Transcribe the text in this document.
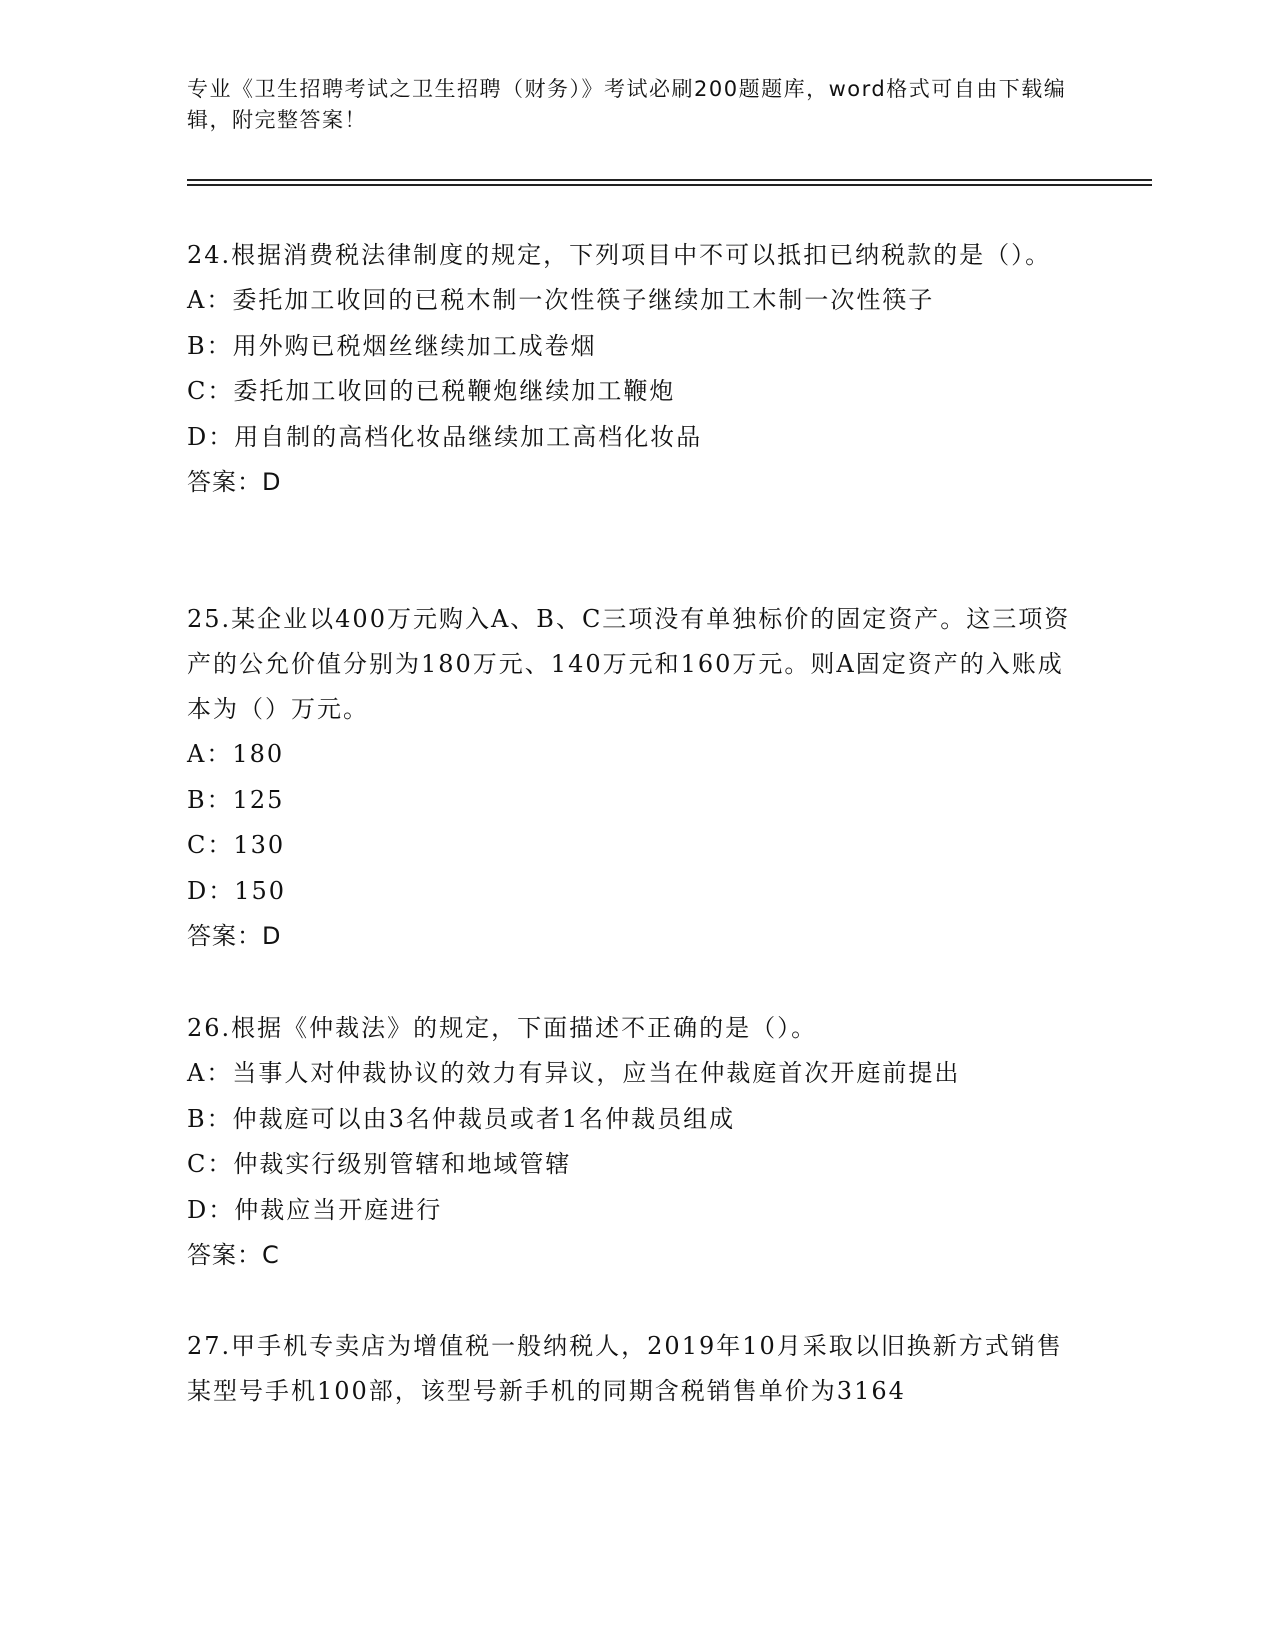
专业《卫生招聘考试之卫生招聘（财务）》考试必刷200题题库，word格式可自由下载编辑，附完整答案！

24.根据消费税法律制度的规定，下列项目中不可以抵扣已纳税款的是（）。

A：委托加工收回的已税木制一次性筷子继续加工木制一次性筷子

B：用外购已税烟丝继续加工成卷烟

C：委托加工收回的已税鞭炮继续加工鞭炮

D：用自制的高档化妆品继续加工高档化妆品

答案：D

25.某企业以400万元购入A、B、C三项没有单独标价的固定资产。这三项资产的公允价值分别为180万元、140万元和160万元。则A固定资产的入账成本为（）万元。

A：180

B：125

C：130

D：150

答案：D

26.根据《仲裁法》的规定，下面描述不正确的是（）。

A：当事人对仲裁协议的效力有异议，应当在仲裁庭首次开庭前提出

B：仲裁庭可以由3名仲裁员或者1名仲裁员组成

C：仲裁实行级别管辖和地域管辖

D：仲裁应当开庭进行

答案：C

27.甲手机专卖店为增值税一般纳税人，2019年10月采取以旧换新方式销售某型号手机100部，该型号新手机的同期含税销售单价为3164
